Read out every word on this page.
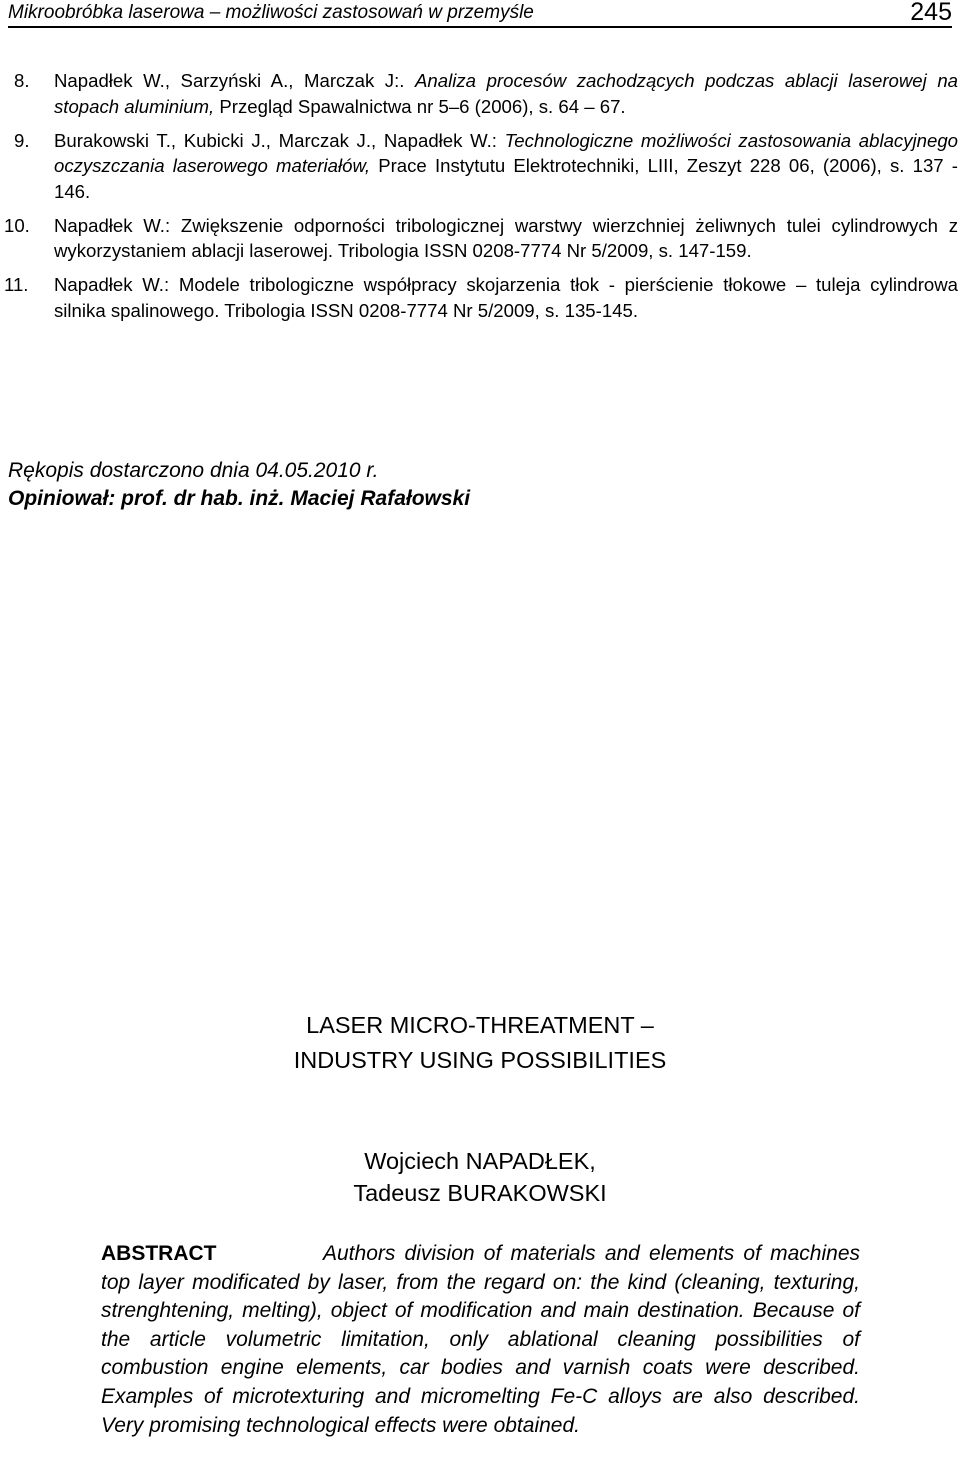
Mikroobróbka laserowa – możliwości zastosowań w przemyśle	245
8. Napadłek W., Sarzyński A., Marczak J:. Analiza procesów zachodzących podczas ablacji laserowej na stopach aluminium, Przegląd Spawalnictwa nr 5–6 (2006), s. 64 – 67.
9. Burakowski T., Kubicki J., Marczak J., Napadłek W.: Technologiczne możliwości zastosowania ablacyjnego oczyszczania laserowego materiałów, Prace Instytutu Elektrotechniki, LIII, Zeszyt 228 06, (2006), s. 137 - 146.
10. Napadłek W.: Zwiększenie odporności tribologicznej warstwy wierzchniej żeliwnych tulei cylindrowych z wykorzystaniem ablacji laserowej. Tribologia ISSN 0208-7774 Nr 5/2009, s. 147-159.
11. Napadłek W.: Modele tribologiczne współpracy skojarzenia tłok - pierścienie tłokowe – tuleja cylindrowa silnika spalinowego. Tribologia ISSN 0208-7774 Nr 5/2009, s. 135-145.
Rękopis dostarczono dnia 04.05.2010 r.
Opiniował: prof. dr hab. inż. Maciej Rafałowski
LASER MICRO-THREATMENT –
INDUSTRY USING POSSIBILITIES
Wojciech NAPADŁEK,
Tadeusz BURAKOWSKI
ABSTRACT	Authors division of materials and elements of machines top layer modificated by laser, from the regard on: the kind (cleaning, texturing, strenghtening, melting), object of modification and main destination. Because of the article volumetric limitation, only ablational cleaning possibilities of combustion engine elements, car bodies and varnish coats were described. Examples of microtexturing and micromelting Fe-C alloys are also described. Very promising technological effects were obtained.
